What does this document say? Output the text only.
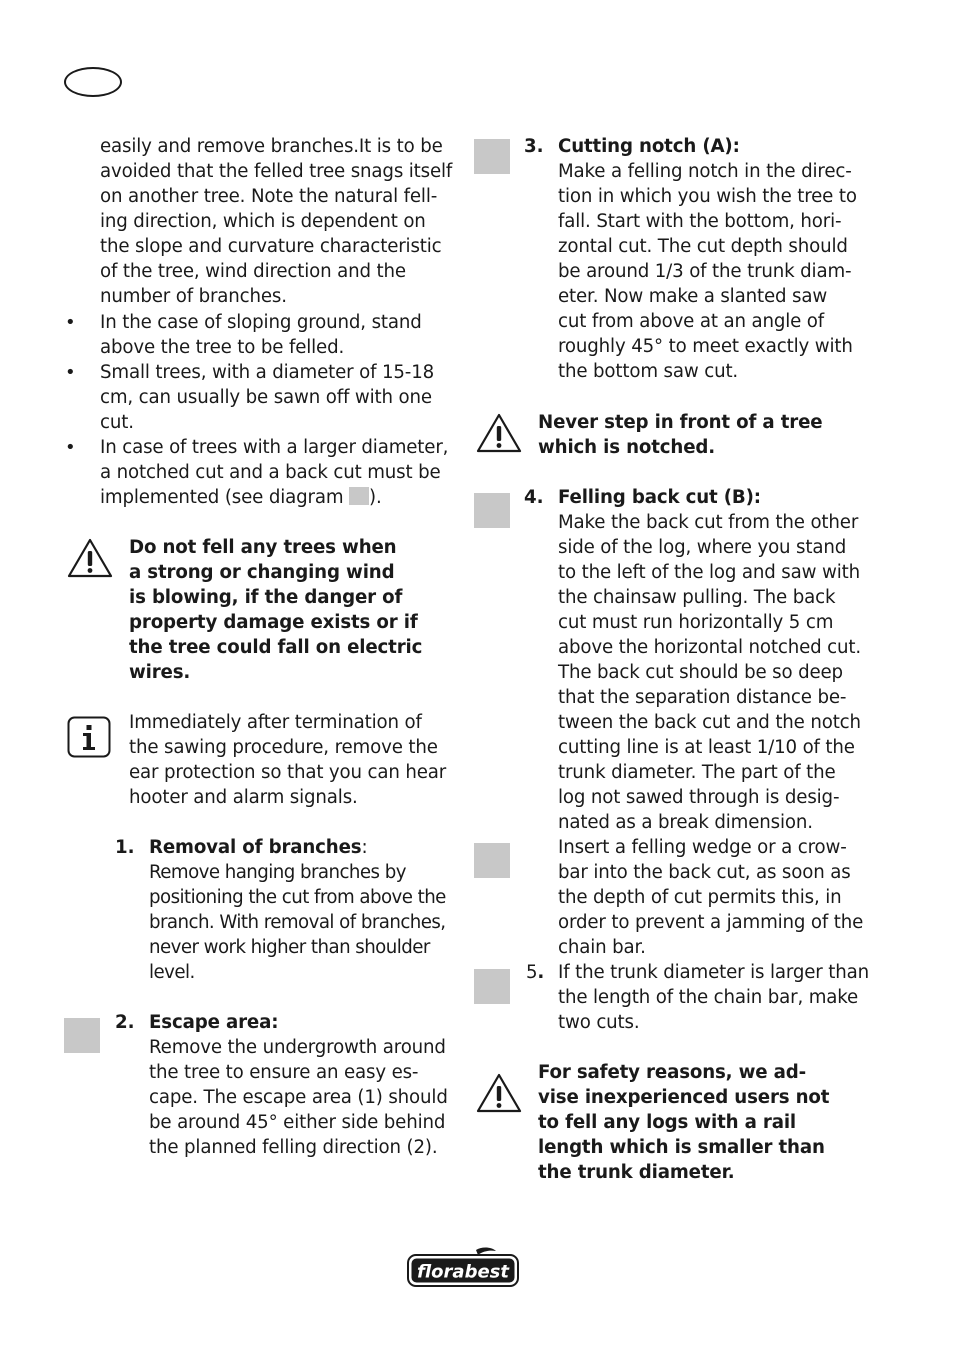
easily and remove branches.It is to be
avoided that the felled tree snags itself
on another tree. Note the natural fell-
ing direction, which is dependent on
the slope and curvature characteristic
of the tree, wind direction and the
number of branches.

• In the case of sloping ground, stand
above the tree to be felled.

• Small trees, with a diameter of 15-18
cm, can usually be sawn off with one
cut.

• In case of trees with a larger diameter,
a notched cut and a back cut must be

implemented (see diagram ).

Do not fell any trees when
a strong or changing wind
is blowing, if the danger of
property damage exists or if
the tree could fall on electric
wires.

Immediately after termination of
the sawing procedure, remove the
ear protection so that you can hear
hooter and alarm signals.

1. Removal of branches:

Remove hanging branches by
positioning the cut from above the
branch. With removal of branches,
never work higher than shoulder
level.

2. Escape area:

Remove the undergrowth around
the tree to ensure an easy es-
cape. The escape area (1) should
be around 45° either side behind
the planned felling direction (2).

3. Cutting notch (A):

Make a felling notch in the direc-
tion in which you wish the tree to
fall. Start with the bottom, hori-
zontal cut. The cut depth should
be around 1/3 of the trunk diam-
eter. Now make a slanted saw
cut from above at an angle of
roughly 45° to meet exactly with
the bottom saw cut.

Never step in front of a tree
which is notched.

4. Felling back cut (B):

Make the back cut from the other
side of the log, where you stand
to the left of the log and saw with
the chainsaw pulling. The back
cut must run horizontally 5 cm
above the horizontal notched cut.
The back cut should be so deep
that the separation distance be-
tween the back cut and the notch
cutting line is at least 1/10 of the
trunk diameter. The part of the
log not sawed through is desig-
nated as a break dimension.
Insert a felling wedge or a crow-
bar into the back cut, as soon as
the depth of cut permits this, in
order to prevent a jamming of the
chain bar.

5. If the trunk diameter is larger than
the length of the chain bar, make
two cuts.

For safety reasons, we ad-
vise inexperienced users not
to fell any logs with a rail
length which is smaller than
the trunk diameter.

florabest
